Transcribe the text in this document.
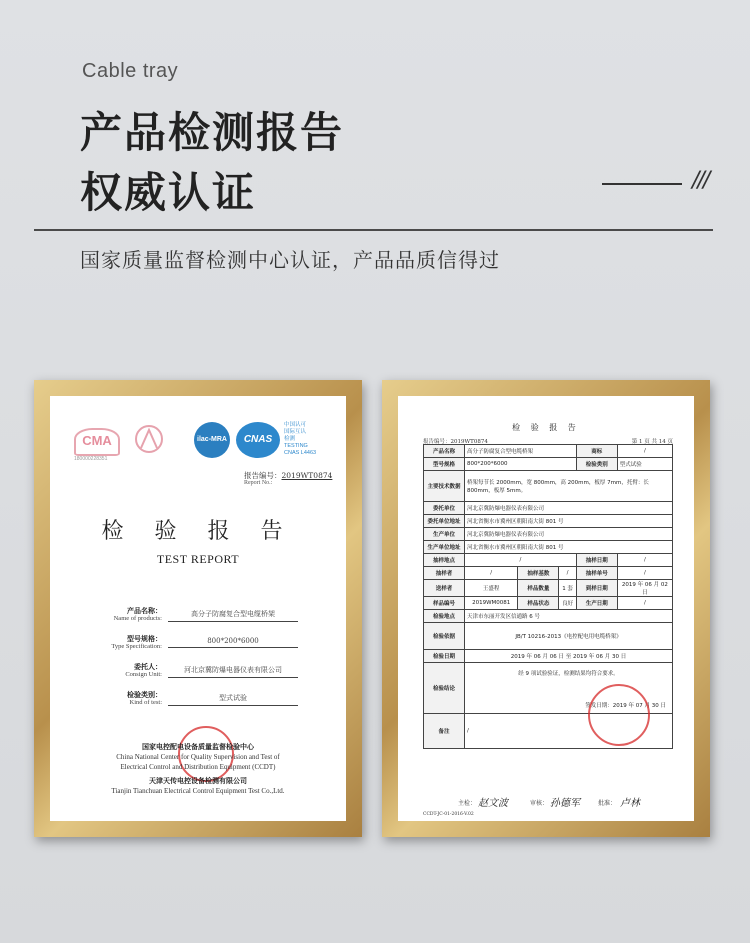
Cable tray
产品检测报告
权威认证	///
国家质量监督检测中心认证，产品品质信得过
CMA
180000228351
ilac-MRA	CNAS
中国认可
国际互认
检测
TESTING
CNAS L4463
报告编号：2019WT0874
Report No.:
检 验 报 告
TEST REPORT
产品名称：
Name of products:
高分子防腐复合型电缆桥架
型号规格：
Type Specification:
800*200*6000
委托人：
Consign Unit:
河北京冀防爆电器仪表有限公司
检验类别：
Kind of test:
型式试验
国家电控配电设备质量监督检验中心
China National Center for Quality Supervision and Test of
Electrical Control and Distribution Equipment (CCDT)
天津天传电控设备检测有限公司
Tianjin Tianchuan Electrical Control Equipment Test Co.,Ltd.
检 验 报 告
报告编号：2019WT0874	第 1 页 共 14 页
产品名称	高分子防腐复合型电缆桥架			商标	/
型号规格	800*200*6000			检验类别	型式试验
主要技术数据	桥架每节长 2000mm，宽 800mm，高 200mm，板厚 7mm，托臂：长 800mm，板厚 5mm。				
委托单位	河北京冀防爆电器仪表有限公司				
委托单位地址	河北省衡水市冀州区朝阳南大街 801 号				
生产单位	河北京冀防爆电器仪表有限公司				
生产单位地址	河北省衡水市冀州区朝阳南大街 801 号				
抽样地点	/			抽样日期	/
抽样者	/	抽样基数	/	抽样单号	/
送样者	王盛程	样品数量	1 套	到样日期	2019 年 06 月 02 日
样品编号	2019WM0081	样品状态	良好	生产日期	/
检验地点	天津市东丽开发区信通路 6 号				
检验依据	JB/T 10216-2013《电控配电用电缆桥架》				
检验日期	2019 年 06 月 06 日 至 2019 年 06 月 30 日				
检验结论	经 9 项试验验证，检测结果均符合要求。
签发日期：2019 年 07 月 30 日				

备注	/				
主检： 赵文波	审核： 孙德军	批准： 卢林
CCDT-JC-01-2016-V.02
